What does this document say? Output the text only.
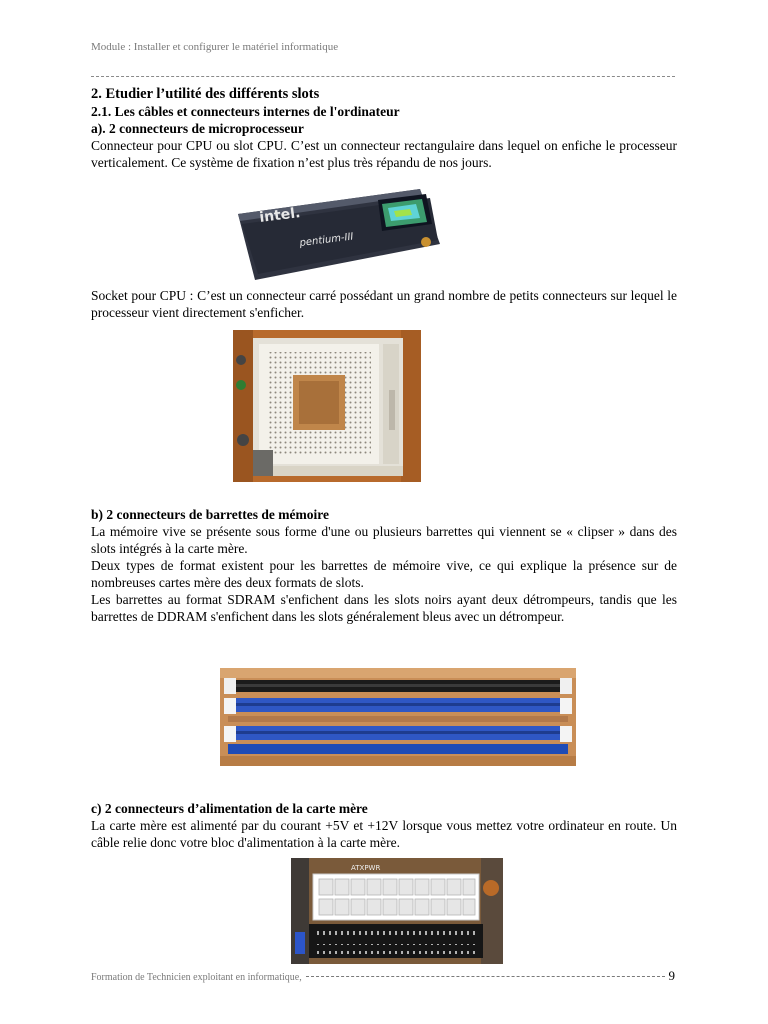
Module : Installer et configurer le matériel informatique

2. Etudier l’utilité des différents slots

2.1. Les câbles et connecteurs internes de l'ordinateur

a). 2 connecteurs de microprocesseur

Connecteur pour CPU ou slot CPU. C’est un connecteur rectangulaire dans lequel on enfiche le processeur verticalement. Ce système de fixation n’est plus très répandu de nos jours.

intel.
pentium-III

Socket pour CPU : C’est un connecteur carré possédant un grand nombre de petits connecteurs sur lequel le processeur vient directement s'enficher.

b) 2 connecteurs de barrettes de mémoire

La mémoire vive se présente sous forme d'une ou plusieurs barrettes qui viennent se « clipser » dans des slots intégrés à la carte mère.

Deux types de format existent pour les barrettes de mémoire vive, ce qui explique la présence sur de nombreuses cartes mère des deux formats de slots.

Les barrettes au format SDRAM s'enfichent dans les slots noirs ayant deux détrompeurs, tandis que les barrettes de DDRAM s'enfichent dans les slots généralement bleus avec un détrompeur.

c) 2 connecteurs d’alimentation de la carte mère

La carte mère est alimenté par du courant +5V et +12V lorsque vous mettez votre ordinateur en route. Un câble relie donc votre bloc d'alimentation à la carte mère.

ATXPWR
Formation de Technicien exploitant en informatique,	9
